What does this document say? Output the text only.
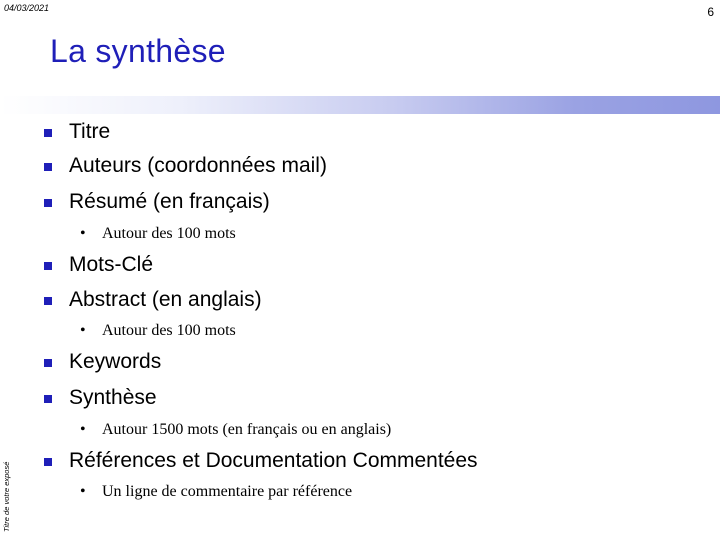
04/03/2021	6
La synthèse
Titre de votre exposé
Titre
Auteurs (coordonnées mail)
Résumé (en français)
• Autour des 100 mots
Mots-Clé
Abstract (en anglais)
• Autour des 100 mots
Keywords
Synthèse
• Autour 1500 mots (en français ou en anglais)
Références et Documentation Commentées
• Un ligne de commentaire par référence
